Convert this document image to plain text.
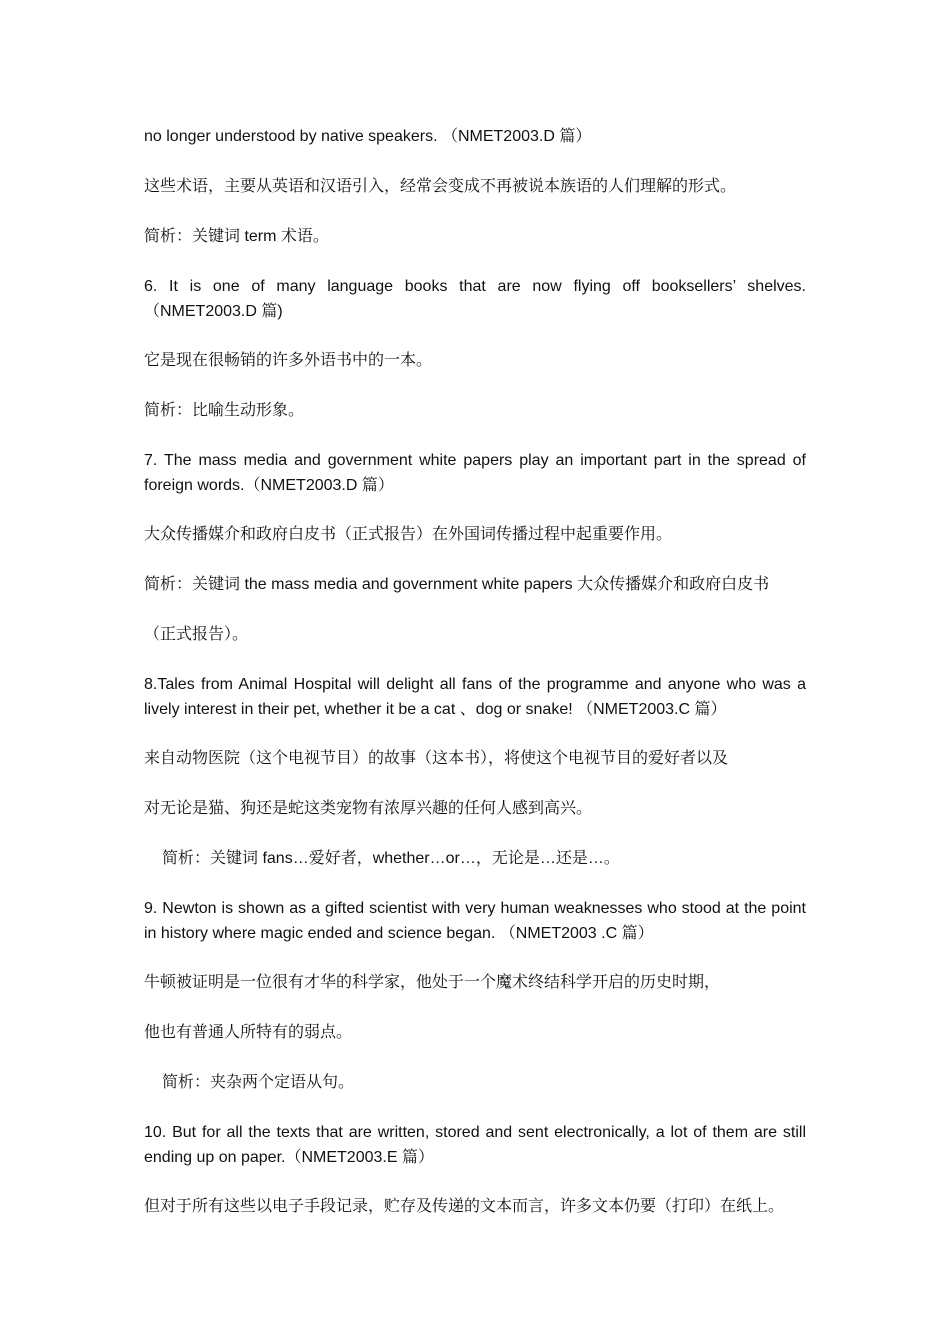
no longer understood by native speakers. （NMET2003.D 篇）

这些术语，主要从英语和汉语引入，经常会变成不再被说本族语的人们理解的形式。

简析：关键词 term 术语。

6. It is one of many language books that are now flying off booksellers’ shelves.（NMET2003.D 篇)

它是现在很畅销的许多外语书中的一本。

简析：比喻生动形象。

7. The mass media and government white papers play an important part in the spread of foreign words.（NMET2003.D 篇）

大众传播媒介和政府白皮书（正式报告）在外国词传播过程中起重要作用。

简析：关键词 the mass media and government white papers 大众传播媒介和政府白皮书

（正式报告）。

8.Tales from Animal Hospital will delight all fans of the programme and anyone who was a lively interest in their pet, whether it be a cat 、dog or snake! （NMET2003.C 篇）

来自动物医院（这个电视节目）的故事（这本书），将使这个电视节目的爱好者以及

对无论是猫、狗还是蛇这类宠物有浓厚兴趣的任何人感到高兴。

简析：关键词 fans…爱好者，whether…or…，无论是…还是…。

9. Newton is shown as a gifted scientist with very human weaknesses who stood at the point in history where magic ended and science began. （NMET2003 .C 篇）

牛顿被证明是一位很有才华的科学家，他处于一个魔术终结科学开启的历史时期，

他也有普通人所特有的弱点。

简析：夹杂两个定语从句。

10. But for all the texts that are written, stored and sent electronically, a lot of them are still ending up on paper.（NMET2003.E 篇）

但对于所有这些以电子手段记录，贮存及传递的文本而言，许多文本仍要（打印）在纸上。
